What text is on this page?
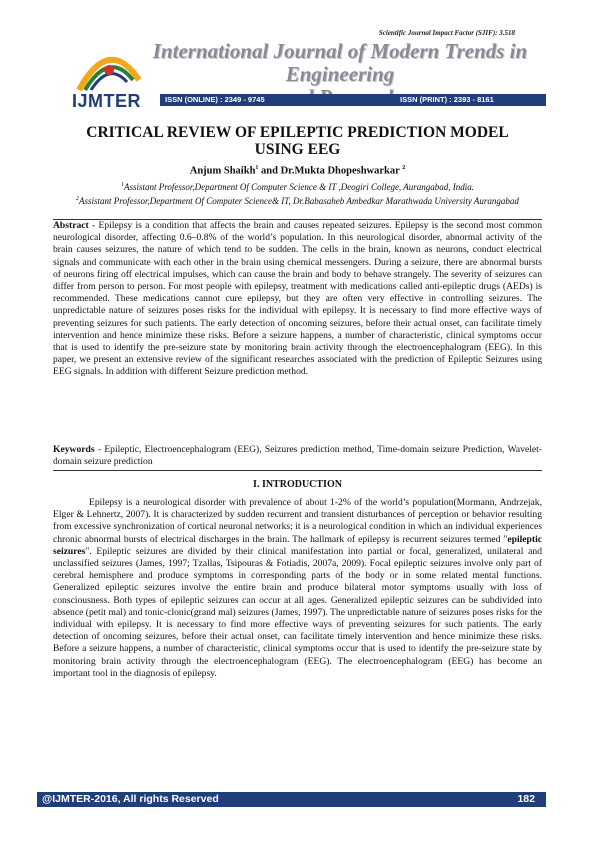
Scientific Journal Impact Factor (SJIF): 3.518
IJMTER
International Journal of Modern Trends in Engineering
ISSN (ONLINE) : 2349 - 9745	ISSN (PRINT) : 2393 - 8161
CRITICAL REVIEW OF EPILEPTIC PREDICTION MODEL
USING EEG
Anjum Shaikh$^1$ and Dr.Mukta Dhopeshwarkar $^2$
$^1$Assistant Professor,Department Of Computer Science & IT ,Deogiri College, Aurangabad, India.
$^2$Assistant Professor,Department Of Computer Science& IT, Dr.Babasaheb Ambedkar Marathwada University Aurangabad
Abstract - Epilepsy is a condition that affects the brain and causes repeated seizures. Epilepsy is the second most common neurological disorder, affecting 0.6–0.8% of the world’s population. In this neurological disorder, abnormal activity of the brain causes seizures, the nature of which tend to be sudden. The cells in the brain, known as neurons, conduct electrical signals and communicate with each other in the brain using chemical messengers. During a seizure, there are abnormal bursts of neurons firing off electrical impulses, which can cause the brain and body to behave strangely. The severity of seizures can differ from person to person. For most people with epilepsy, treatment with medications called anti-epileptic drugs (AEDs) is recommended. These medications cannot cure epilepsy, but they are often very effective in controlling seizures. The unpredictable nature of seizures poses risks for the individual with epilepsy. It is necessary to find more effective ways of preventing seizures for such patients. The early detection of oncoming seizures, before their actual onset, can facilitate timely intervention and hence minimize these risks. Before a seizure happens, a number of characteristic, clinical symptoms occur that is used to identify the pre-seizure state by monitoring brain activity through the electroencephalogram (EEG). In this paper, we present an extensive review of the significant researches associated with the prediction of Epileptic Seizures using EEG signals. In addition with different Seizure prediction method.
Keywords - Epileptic, Electroencephalogram (EEG), Seizures prediction method, Time-domain seizure Prediction, Wavelet-domain seizure prediction
I. INTRODUCTION
Epilepsy is a neurological disorder with prevalence of about 1-2% of the world’s population(Mormann, Andrzejak, Elger & Lehnertz, 2007). It is characterized by sudden recurrent and transient disturbances of perception or behavior resulting from excessive synchronization of cortical neuronal networks; it is a neurological condition in which an individual experiences chronic abnormal bursts of electrical discharges in the brain. The hallmark of epilepsy is recurrent seizures termed "epileptic seizures". Epileptic seizures are divided by their clinical manifestation into partial or focal, generalized, unilateral and unclassified seizures (James, 1997; Tzallas, Tsipouras & Fotiadis, 2007a, 2009). Focal epileptic seizures involve only part of cerebral hemisphere and produce symptoms in corresponding parts of the body or in some related mental functions. Generalized epileptic seizures involve the entire brain and produce bilateral motor symptoms usually with loss of consciousness. Both types of epileptic seizures can occur at all ages. Generalized epileptic seizures can be subdivided into absence (petit mal) and tonic-clonic(grand mal) seizures (James, 1997). The unpredictable nature of seizures poses risks for the individual with epilepsy. It is necessary to find more effective ways of preventing seizures for such patients. The early detection of oncoming seizures, before their actual onset, can facilitate timely intervention and hence minimize these risks. Before a seizure happens, a number of characteristic, clinical symptoms occur that is used to identify the pre-seizure state by monitoring brain activity through the electroencephalogram (EEG). The electroencephalogram (EEG) has become an important tool in the diagnosis of epilepsy.
@IJMTER-2016, All rights Reserved	182
